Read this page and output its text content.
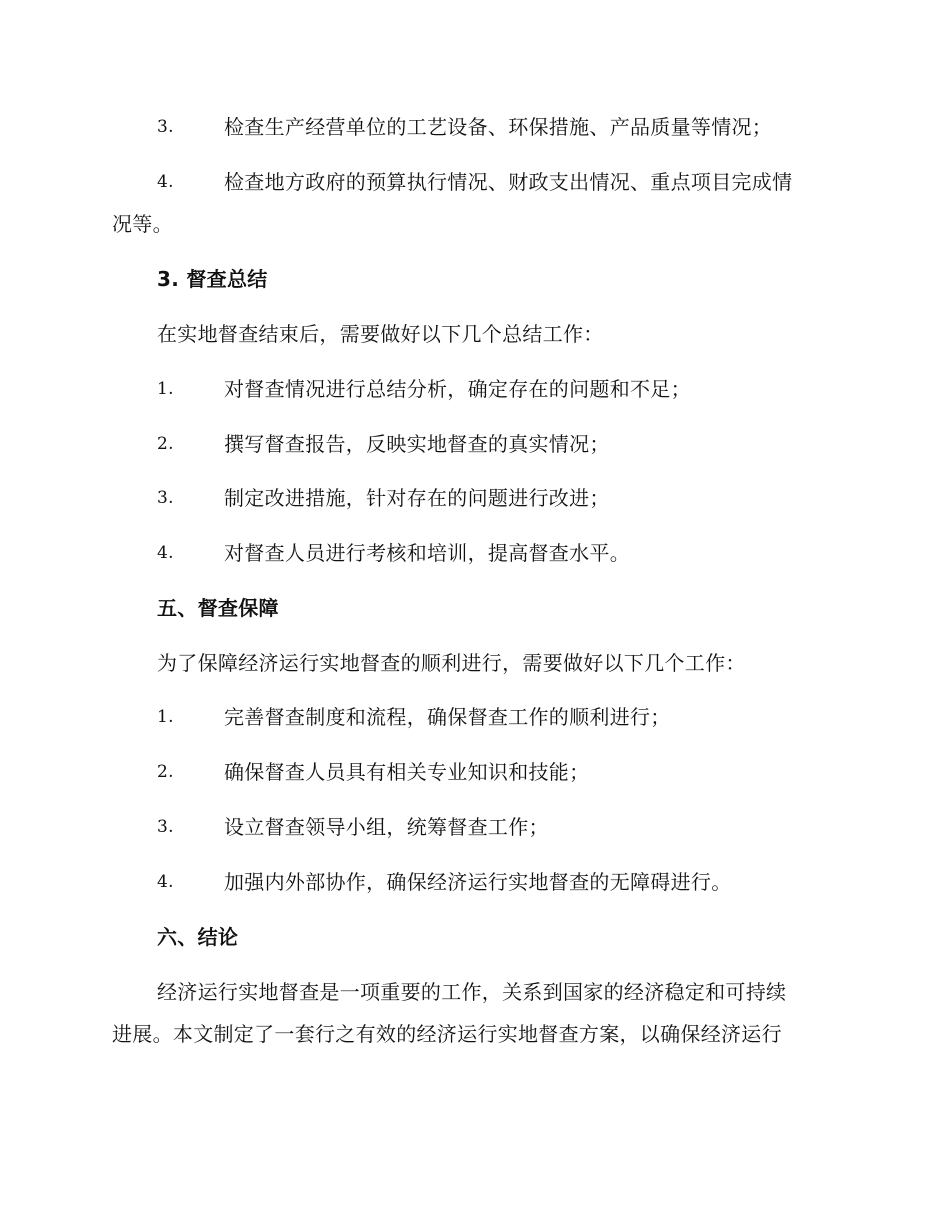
3.	检查生产经营单位的工艺设备、环保措施、产品质量等情况；
4.	检查地方政府的预算执行情况、财政支出情况、重点项目完成情
况等。
3. 督查总结
在实地督查结束后，需要做好以下几个总结工作：
1.	对督查情况进行总结分析，确定存在的问题和不足；
2.	撰写督查报告，反映实地督查的真实情况；
3.	制定改进措施，针对存在的问题进行改进；
4.	对督查人员进行考核和培训，提高督查水平。
五、督查保障
为了保障经济运行实地督查的顺利进行，需要做好以下几个工作：
1.	完善督查制度和流程，确保督查工作的顺利进行；
2.	确保督查人员具有相关专业知识和技能；
3.	设立督查领导小组，统筹督查工作；
4.	加强内外部协作，确保经济运行实地督查的无障碍进行。
六、结论
经济运行实地督查是一项重要的工作，关系到国家的经济稳定和可持续
进展。本文制定了一套行之有效的经济运行实地督查方案，以确保经济运行
